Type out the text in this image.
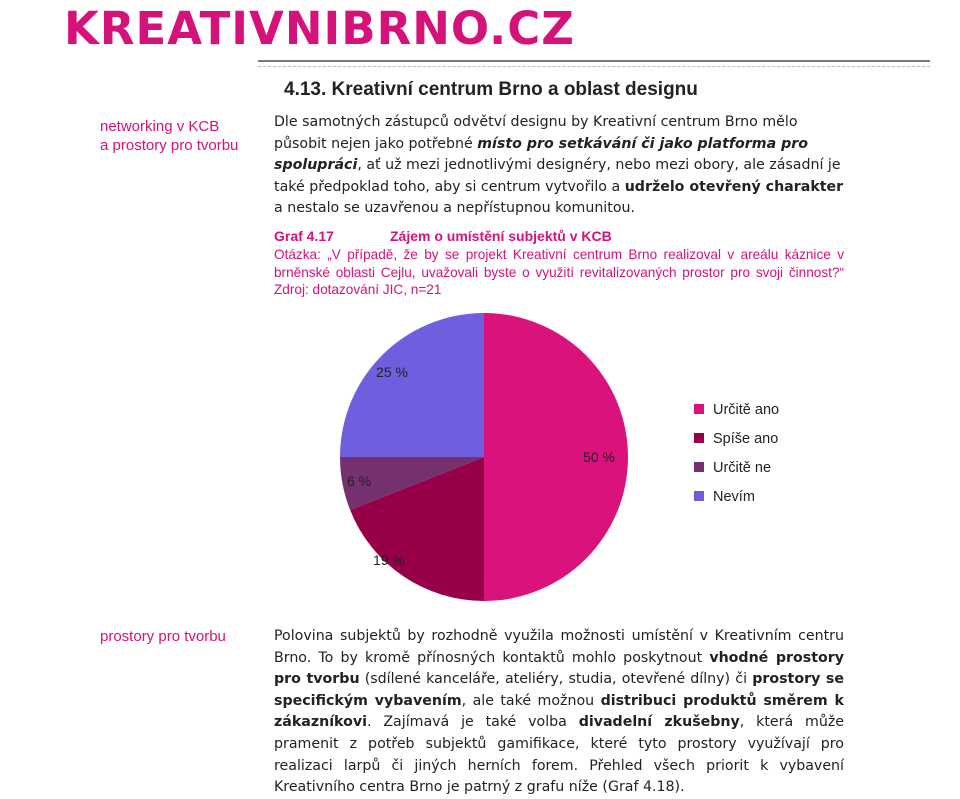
KREATIVNIBRNO.CZ
4.13. Kreativní centrum Brno a oblast designu
networking v KCB
a prostory pro tvorbu
Dle samotných zástupců odvětví designu by Kreativní centrum Brno mělo působit nejen jako potřebné místo pro setkávání či jako platforma pro spolupráci, ať už mezi jednotlivými designéry, nebo mezi obory, ale zásadní je také předpoklad toho, aby si centrum vytvořilo a udrželo otevřený charakter a nestalo se uzavřenou a nepřístupnou komunitou.
Graf 4.17	Zájem o umístění subjektů v KCB
Otázka: „V případě, že by se projekt Kreativní centrum Brno realizoval v areálu káznice v brněnské oblasti Cejlu, uvažovali byste o využití revitalizovaných prostor pro svoji činnost?“ Zdroj: dotazování JIC, n=21
50 %
19 %
6 %
25 %
Určitě ano
Spíše ano
Určitě ne
Nevím
prostory pro tvorbu	Polovina subjektů by rozhodně využila možnosti umístění v Kreativním centru Brno. To by kromě přínosných kontaktů mohlo poskytnout vhodné prostory pro tvorbu (sdílené kanceláře, ateliéry, studia, otevřené dílny) či prostory se specifickým vybavením, ale také možnou distribuci produktů směrem k zákazníkovi. Zajímavá je také volba divadelní zkušebny, která může pramenit z potřeb subjektů gamifikace, které tyto prostory využívají pro realizaci larpů či jiných herních forem. Přehled všech priorit k vybavení Kreativního centra Brno je patrný z grafu níže (Graf 4.18).
